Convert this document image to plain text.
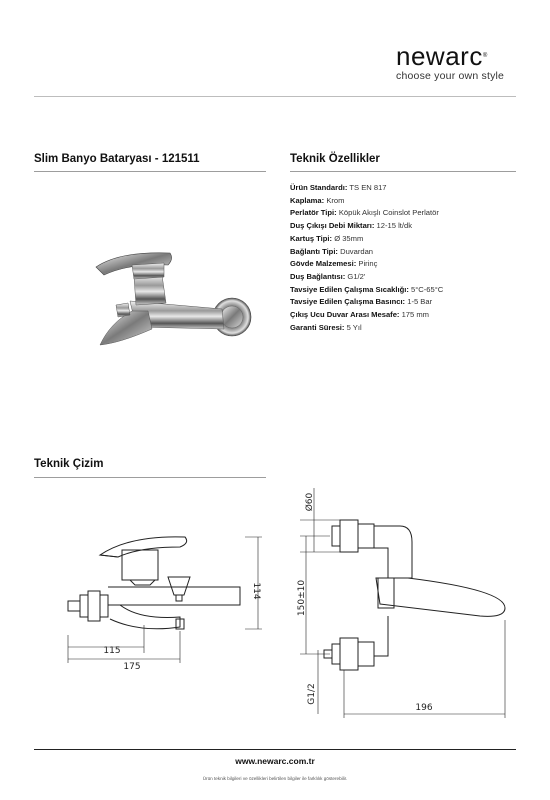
newarc®
choose your own style
Slim Banyo Bataryası - 121511	Teknik Özellikler
Ürün Standardı: TS EN 817
Kaplama: Krom
Perlatör Tipi: Köpük Akışlı Coinslot Perlatör
Duş Çıkışı Debi Miktarı: 12-15 lt/dk
Kartuş Tipi: Ø 35mm
Bağlantı Tipi: Duvardan
Gövde Malzemesi: Pirinç
Duş Bağlantısı: G1/2'
Tavsiye Edilen Çalışma Sıcaklığı: 5°C-65°C
Tavsiye Edilen Çalışma Basıncı: 1-5 Bar
Çıkış Ucu Duvar Arası Mesafe: 175 mm
Garanti Süresi: 5 Yıl
Teknik Çizim
115
175
114
Ø60
150±10
G1/2
196
www.newarc.com.tr
Ürün teknik bilgileri ve özellikleri belirtilen bilgiler ile farklılık gösterebilir.
